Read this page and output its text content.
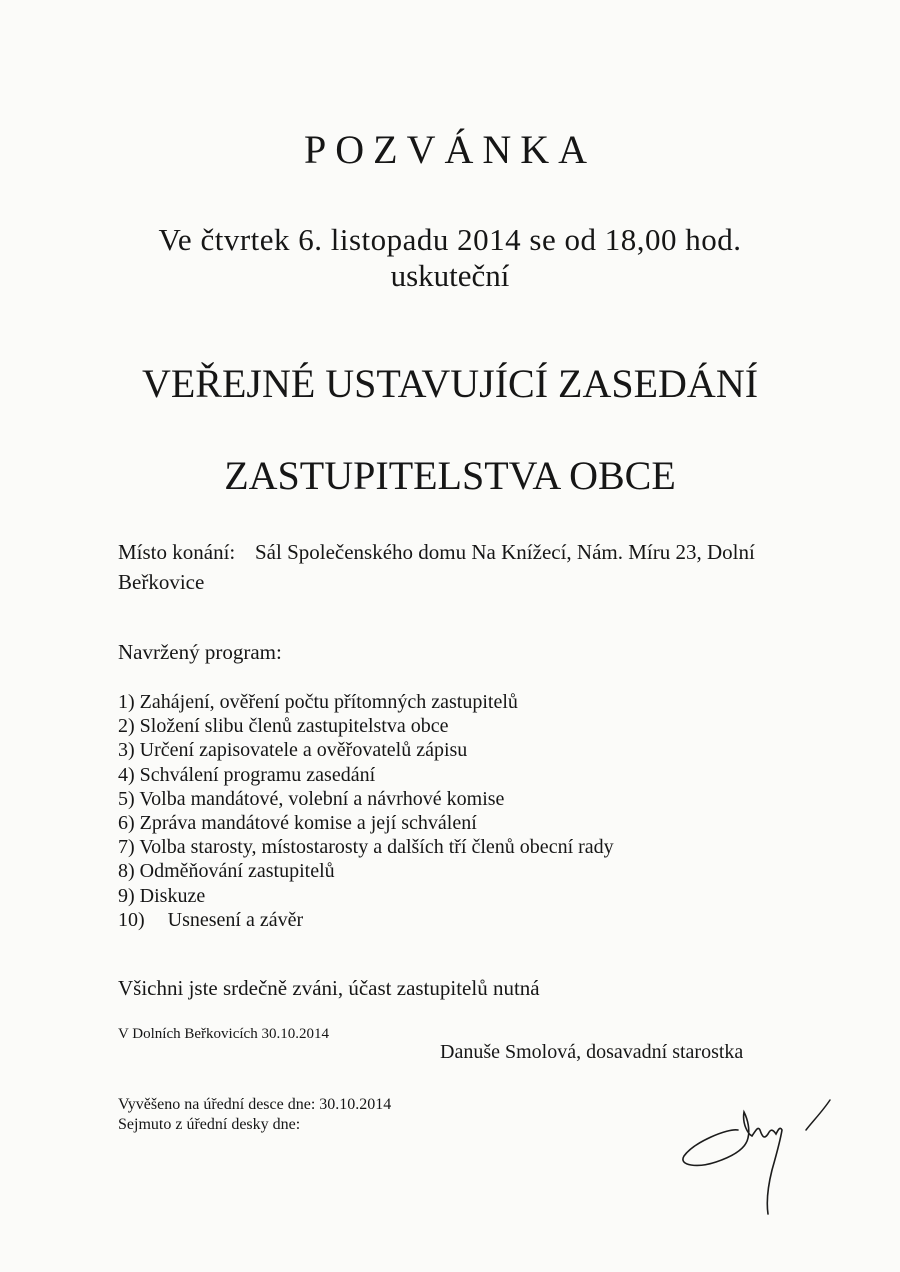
POZVÁNKA
Ve čtvrtek 6. listopadu 2014 se od 18,00 hod.
uskuteční
VEŘEJNÉ USTAVUJÍCÍ ZASEDÁNÍ
ZASTUPITELSTVA OBCE
Místo konání: Sál Společenského domu Na Knížecí, Nám. Míru 23, Dolní
Beřkovice
Navržený program:
1) Zahájení, ověření počtu přítomných zastupitelů
2) Složení slibu členů zastupitelstva obce
3) Určení zapisovatele a ověřovatelů zápisu
4) Schválení programu zasedání
5) Volba mandátové, volební a návrhové komise
6) Zpráva mandátové komise a její schválení
7) Volba starosty, místostarosty a dalších tří členů obecní rady
8) Odměňování zastupitelů
9) Diskuze
10) Usnesení a závěr
Všichni jste srdečně zváni, účast zastupitelů nutná
V Dolních Beřkovicích 30.10.2014
Danuše Smolová, dosavadní starostka
Vyvěšeno na úřední desce dne: 30.10.2014
Sejmuto z úřední desky dne:
